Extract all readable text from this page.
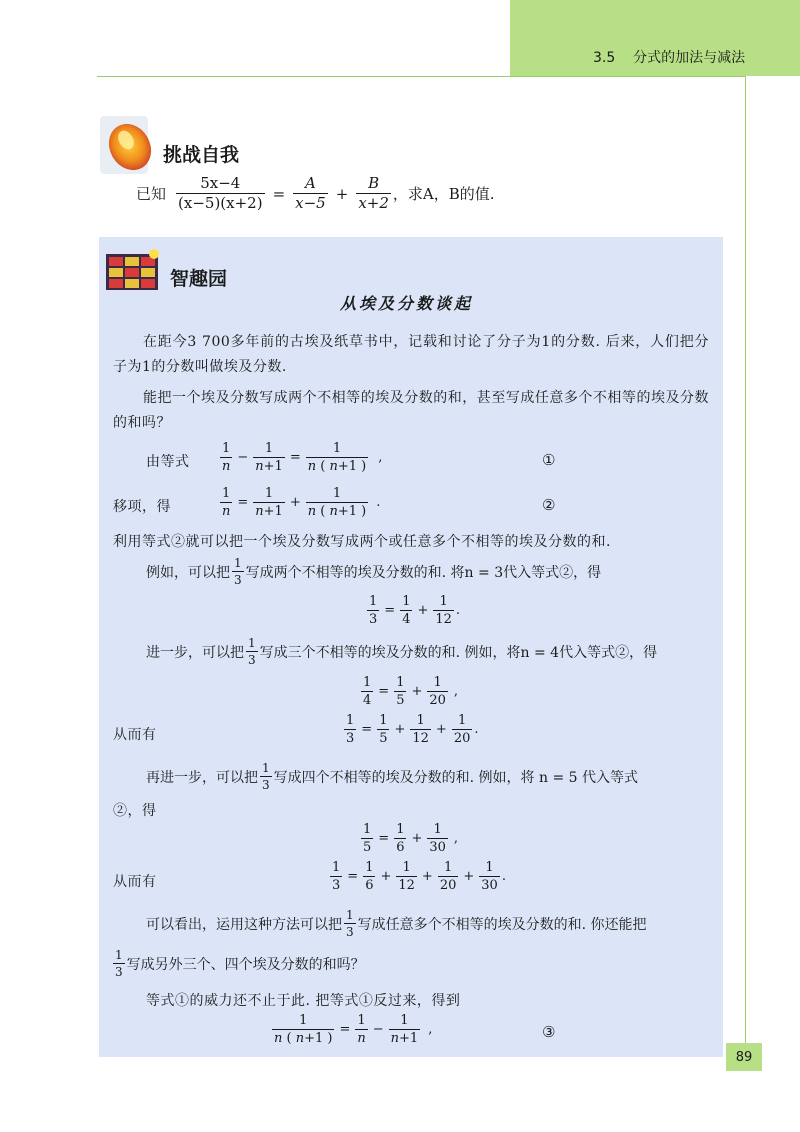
3.5 分式的加法与减法
挑战自我
已知 $\frac{5x-4}{(x-5)(x+2)} = \frac{A}{x-5} + \frac{B}{x+2}$ ，求A，B的值.
智趣园
从埃及分数谈起
在距今3 700多年前的古埃及纸草书中，记载和讨论了分子为1的分数. 后来，人们把分子为1的分数叫做埃及分数.
能把一个埃及分数写成两个不相等的埃及分数的和，甚至写成任意多个不相等的埃及分数的和吗？
由等式 $\frac{1}{n} - \frac{1}{n+1} = \frac{1}{n ( n+1 )}$ ,	①
移项，得	$\frac{1}{n} = \frac{1}{n+1} + \frac{1}{n ( n+1 )}$ .	②
利用等式②就可以把一个埃及分数写成两个或任意多个不相等的埃及分数的和.
例如，可以把 $\frac{1}{3}$ 写成两个不相等的埃及分数的和. 将n = 3代入等式②，得
$\frac{1}{3} = \frac{1}{4} + \frac{1}{12}$ .
进一步，可以把 $\frac{1}{3}$ 写成三个不相等的埃及分数的和. 例如，将n = 4代入等式②，得
$\frac{1}{4} = \frac{1}{5} + \frac{1}{20}$ ,
从而有	$\frac{1}{3} = \frac{1}{5} + \frac{1}{12} + \frac{1}{20}$ .
再进一步，可以把 $\frac{1}{3}$ 写成四个不相等的埃及分数的和. 例如，将 n = 5 代入等式
②，得
$\frac{1}{5} = \frac{1}{6} + \frac{1}{30}$ ,
从而有	$\frac{1}{3} = \frac{1}{6} + \frac{1}{12} + \frac{1}{20} + \frac{1}{30}$ .
可以看出，运用这种方法可以把 $\frac{1}{3}$ 写成任意多个不相等的埃及分数的和. 你还能把
$\frac{1}{3}$ 写成另外三个、四个埃及分数的和吗？
等式①的威力还不止于此. 把等式①反过来，得到
$\frac{1}{n ( n+1 )} = \frac{1}{n} - \frac{1}{n+1}$ ,	③
89
